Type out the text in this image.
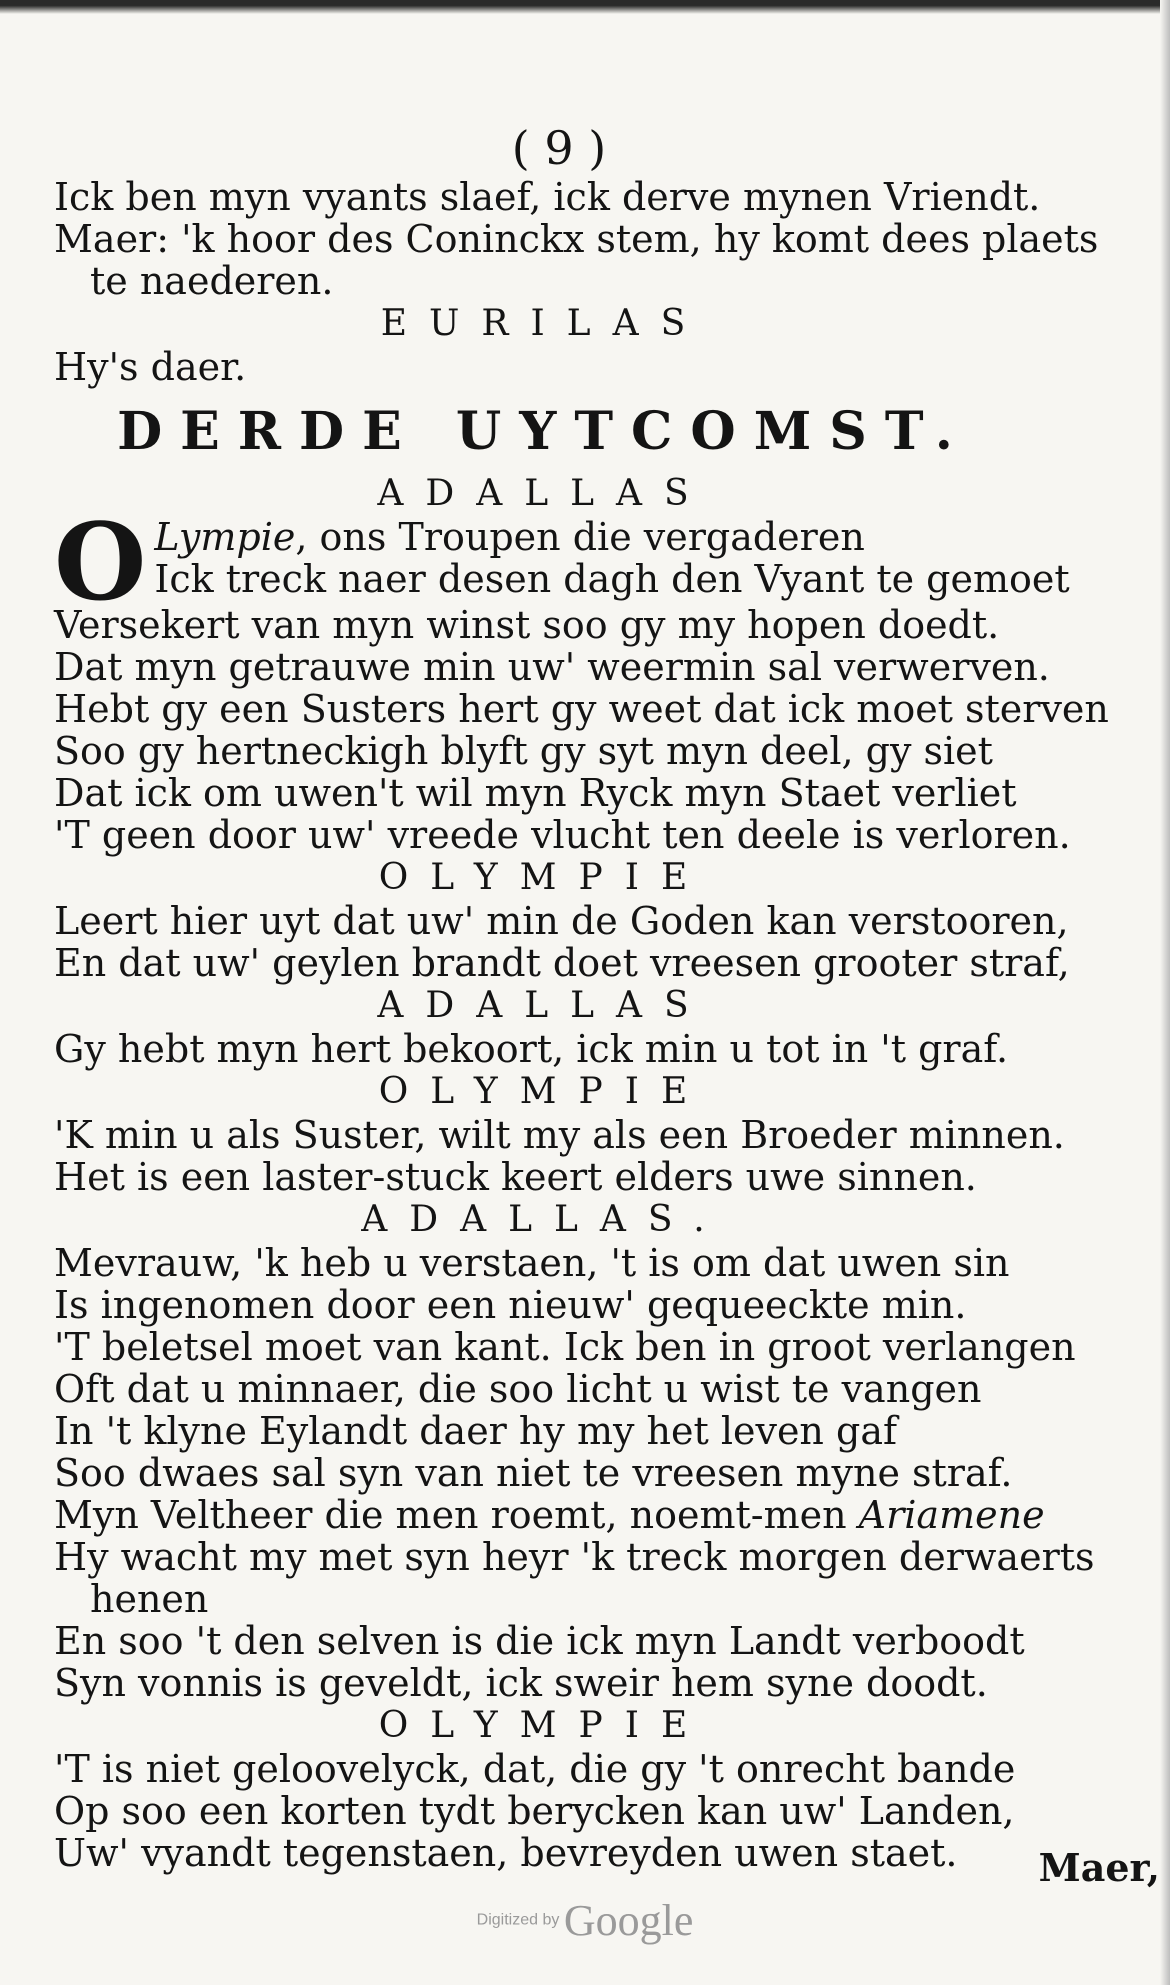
( 9 )
Ick ben myn vyants slaef, ick derve mynen Vriendt.
Maer: 'k hoor des Coninckx stem, hy komt dees plaets
te naederen.
EURILAS
Hy's daer.
DERDE UYTCOMST.
ADALLAS
O Lympie, ons Troupen die vergaderen
Ick treck naer desen dagh den Vyant te gemoet
Versekert van myn winst soo gy my hopen doedt.
Dat myn getrauwe min uw' weermin sal verwerven.
Hebt gy een Susters hert gy weet dat ick moet sterven
Soo gy hertneckigh blyft gy syt myn deel, gy siet
Dat ick om uwen't wil myn Ryck myn Staet verliet
'T geen door uw' vreede vlucht ten deele is verloren.
OLYMPIE
Leert hier uyt dat uw' min de Goden kan verstooren,
En dat uw' geylen brandt doet vreesen grooter straf,
ADALLAS
Gy hebt myn hert bekoort, ick min u tot in 't graf.
OLYMPIE
'K min u als Suster, wilt my als een Broeder minnen.
Het is een laster-stuck keert elders uwe sinnen.
ADALLAS.
Mevrauw, 'k heb u verstaen, 't is om dat uwen sin
Is ingenomen door een nieuw' gequeeckte min.
'T beletsel moet van kant. Ick ben in groot verlangen
Oft dat u minnaer, die soo licht u wist te vangen
In 't klyne Eylandt daer hy my het leven gaf
Soo dwaes sal syn van niet te vreesen myne straf.
Myn Veltheer die men roemt, noemt-men Ariamene
Hy wacht my met syn heyr 'k treck morgen derwaerts
henen
En soo 't den selven is die ick myn Landt verboodt
Syn vonnis is geveldt, ick sweir hem syne doodt.
OLYMPIE
'T is niet geloovelyck, dat, die gy 't onrecht bande
Op soo een korten tydt berycken kan uw' Landen,
Uw' vyandt tegenstaen, bevreyden uwen staet.	Maer,
Digitized by Google
